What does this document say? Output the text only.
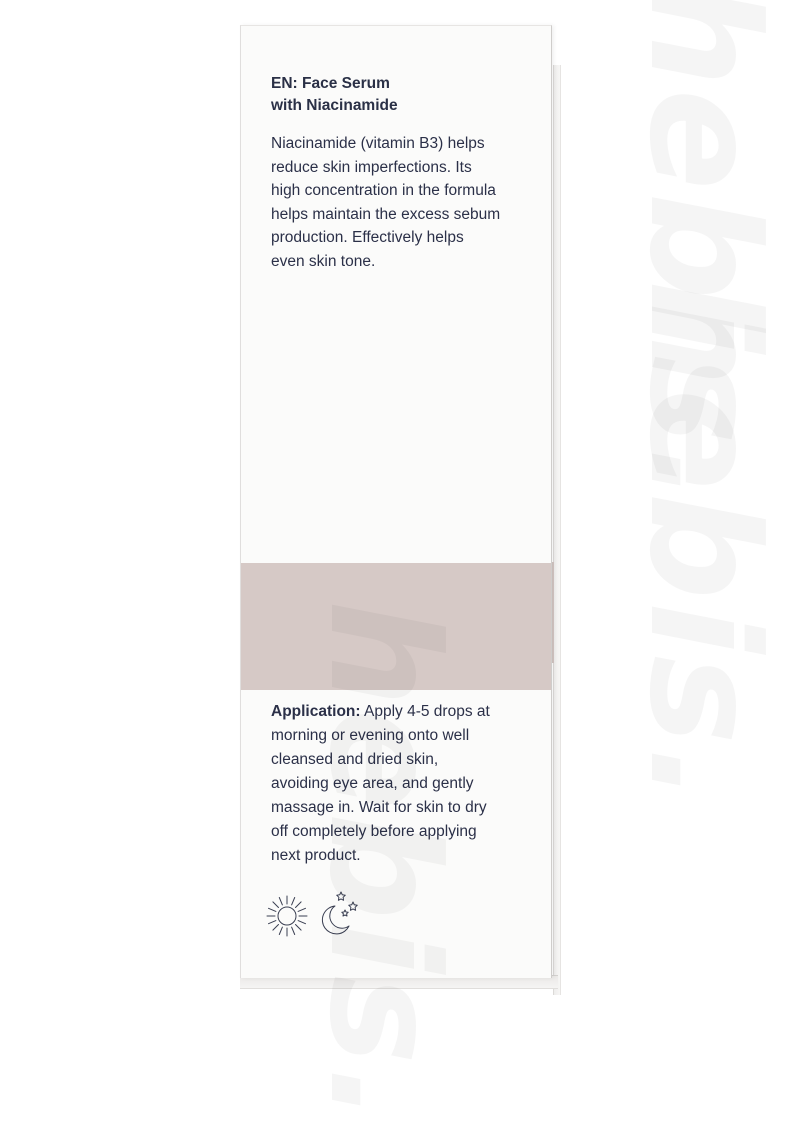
EN: Face Serum
with Niacinamide
Niacinamide (vitamin B3) helps
reduce skin imperfections. Its
high concentration in the formula
helps maintain the excess sebum
production. Effectively helps
even skin tone.
Application: Apply 4-5 drops at
morning or evening onto well
cleansed and dried skin,
avoiding eye area, and gently
massage in. Wait for skin to dry
off completely before applying
next product.
